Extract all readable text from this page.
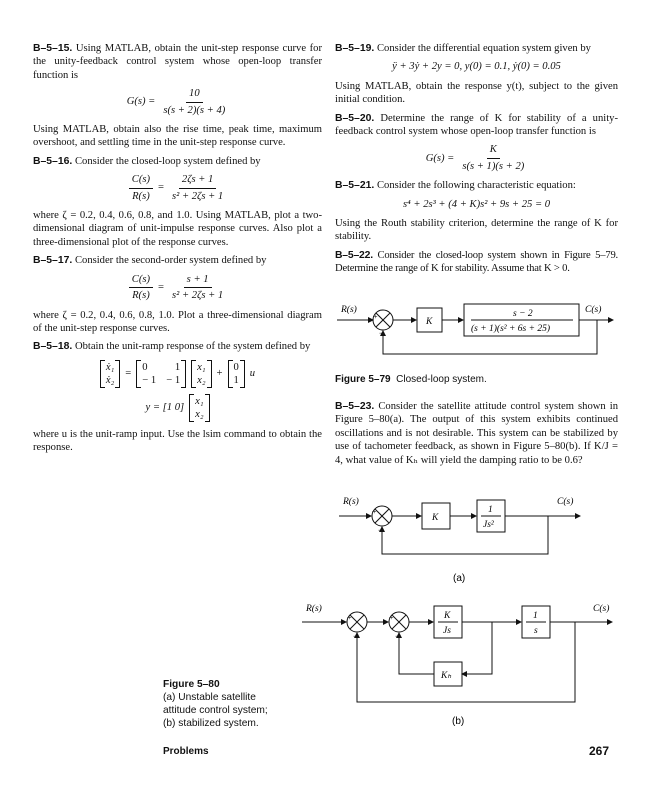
B–5–15. Using MATLAB, obtain the unit-step response curve for the unity-feedback control system whose open-loop transfer function is

$G(s) = \frac{10}{s(s + 2)(s + 4)}$

Using MATLAB, obtain also the rise time, peak time, maximum overshoot, and settling time in the unit-step response curve.

B–5–16. Consider the closed-loop system defined by

$\frac{C(s)}{R(s)} = \frac{2\zeta s + 1}{\text{s² + 2ζs + 1}}$

where ζ = 0.2, 0.4, 0.6, 0.8, and 1.0. Using MATLAB, plot a two-dimensional diagram of unit-impulse response curves. Also plot a three-dimensional plot of the response curves.

B–5–17. Consider the second-order system defined by

$\frac{C(s)}{R(s)} = \frac{s + 1}{\text{s² + 2ζs + 1}}$

where ζ = 0.2, 0.4, 0.6, 0.8, 1.0. Plot a three-dimensional diagram of the unit-step response curves.

B–5–18. Obtain the unit-ramp response of the system defined by

ẋ₁
ẋ₂
=
0	1
− 1 − 1
x₁
x₂
+
0
1
u
y = [1 0]
x₁
x₂

where u is the unit-ramp input. Use the lsim command to obtain the response.

B–5–19. Consider the differential equation system given by

ÿ + 3ẏ + 2y = 0, y(0) = 0.1, ẏ(0) = 0.05

Using MATLAB, obtain the response y(t), subject to the given initial condition.

B–5–20. Determine the range of K for stability of a unity-feedback control system whose open-loop transfer function is

$G(s) = \frac{K}{s(s + 1)(s + 2)}$

B–5–21. Consider the following characteristic equation:

s⁴ + 2s³ + (4 + K)s² + 9s + 25 = 0

Using the Routh stability criterion, determine the range of K for stability.

B–5–22. Consider the closed-loop system shown in Figure 5–79. Determine the range of K for stability. Assume that K > 0.

R(s)	C(s)
+
−
K
s − 2
(s + 1)(s² + 6s + 25)
Figure 5–79 Closed-loop system.

B–5–23. Consider the satellite attitude control system shown in Figure 5–80(a). The output of this system exhibits continued oscillations and is not desirable. This system can be stabilized by use of tachometer feedback, as shown in Figure 5–80(b). If K/J = 4, what value of Kₕ will yield the damping ratio to be 0.6?

R(s)	C(s)
+
−
K
1
Js²
(a)
R(s)	C(s)
+
−
+
−
K
Js
1
s
Kₕ
(b)
Figure 5–80
(a) Unstable satellite
attitude control system;
(b) stabilized system.
Problems	267
